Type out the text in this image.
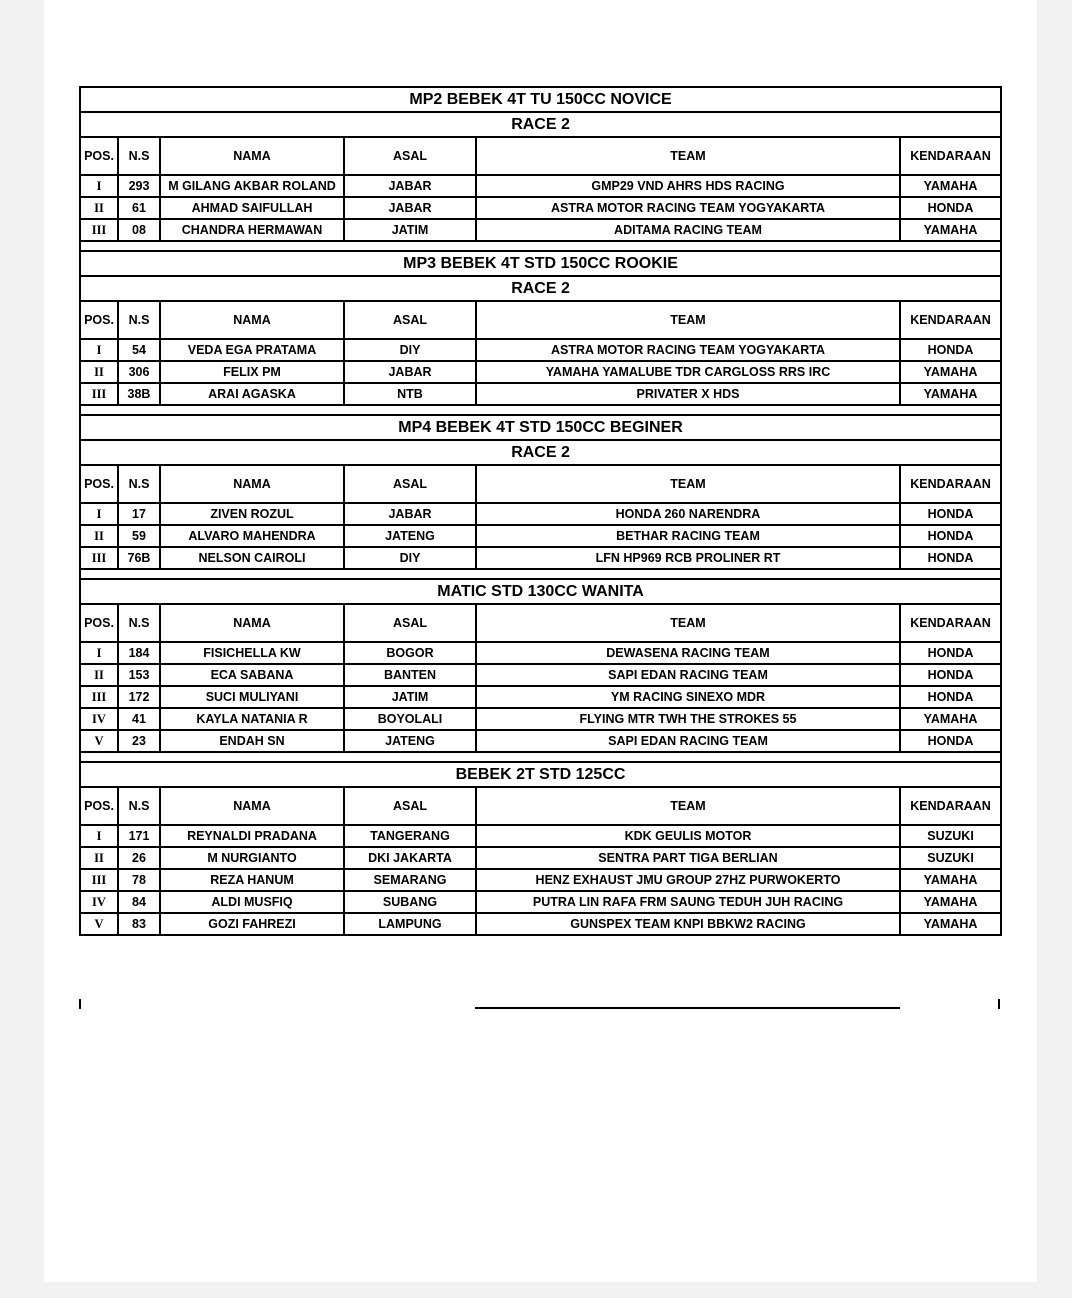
MP2 BEBEK 4T TU 150CC NOVICE					
RACE 2					
POS.	N.S	NAMA	ASAL	TEAM	KENDARAAN
I	293	M GILANG AKBAR ROLAND	JABAR	GMP29 VND AHRS HDS RACING	YAMAHA
II	61	AHMAD SAIFULLAH	JABAR	ASTRA MOTOR RACING TEAM YOGYAKARTA	HONDA
III	08	CHANDRA HERMAWAN	JATIM	ADITAMA RACING TEAM	YAMAHA

MP3 BEBEK 4T STD 150CC ROOKIE					
RACE 2					
POS.	N.S	NAMA	ASAL	TEAM	KENDARAAN
I	54	VEDA EGA PRATAMA	DIY	ASTRA MOTOR RACING TEAM YOGYAKARTA	HONDA
II	306	FELIX PM	JABAR	YAMAHA YAMALUBE TDR CARGLOSS RRS IRC	YAMAHA
III	38B	ARAI AGASKA	NTB	PRIVATER X HDS	YAMAHA

MP4 BEBEK 4T STD 150CC BEGINER					
RACE 2					
POS.	N.S	NAMA	ASAL	TEAM	KENDARAAN
I	17	ZIVEN ROZUL	JABAR	HONDA 260 NARENDRA	HONDA
II	59	ALVARO MAHENDRA	JATENG	BETHAR RACING TEAM	HONDA
III	76B	NELSON CAIROLI	DIY	LFN HP969 RCB PROLINER RT	HONDA

MATIC STD 130CC WANITA					
POS.	N.S	NAMA	ASAL	TEAM	KENDARAAN
I	184	FISICHELLA KW	BOGOR	DEWASENA RACING TEAM	HONDA
II	153	ECA SABANA	BANTEN	SAPI EDAN RACING TEAM	HONDA
III	172	SUCI MULIYANI	JATIM	YM RACING SINEXO MDR	HONDA
IV	41	KAYLA NATANIA R	BOYOLALI	FLYING MTR TWH THE STROKES 55	YAMAHA
V	23	ENDAH SN	JATENG	SAPI EDAN RACING TEAM	HONDA

BEBEK 2T STD 125CC					
POS.	N.S	NAMA	ASAL	TEAM	KENDARAAN
I	171	REYNALDI PRADANA	TANGERANG	KDK GEULIS MOTOR	SUZUKI
II	26	M NURGIANTO	DKI JAKARTA	SENTRA PART TIGA BERLIAN	SUZUKI
III	78	REZA HANUM	SEMARANG	HENZ EXHAUST JMU GROUP 27HZ PURWOKERTO	YAMAHA
IV	84	ALDI MUSFIQ	SUBANG	PUTRA LIN RAFA FRM SAUNG TEDUH JUH RACING	YAMAHA
V	83	GOZI FAHREZI	LAMPUNG	GUNSPEX TEAM KNPI BBKW2 RACING	YAMAHA
